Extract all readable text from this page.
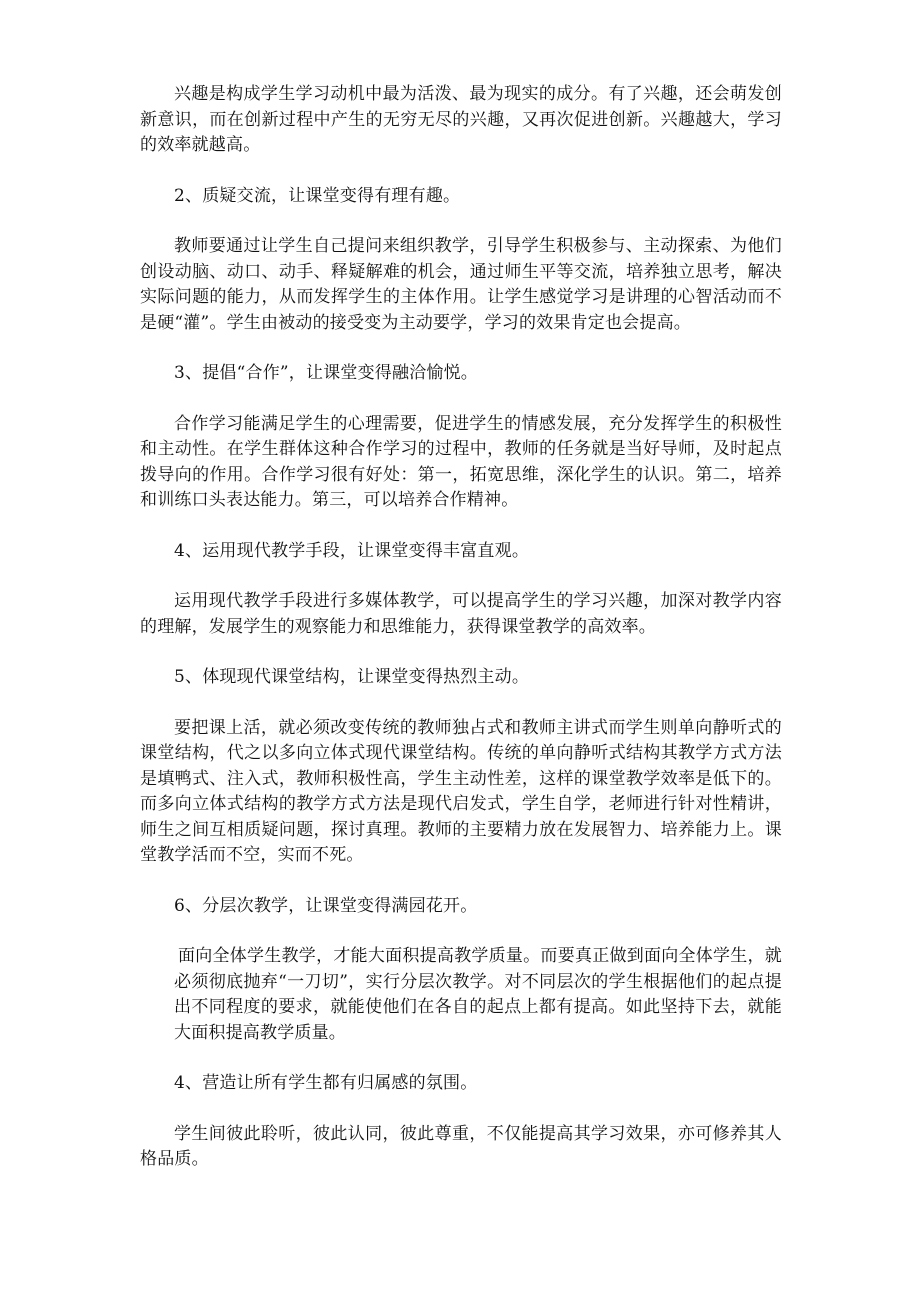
兴趣是构成学生学习动机中最为活泼、最为现实的成分。有了兴趣，还会萌发创新意识，而在创新过程中产生的无穷无尽的兴趣，又再次促进创新。兴趣越大，学习的效率就越高。

2、质疑交流，让课堂变得有理有趣。

教师要通过让学生自己提问来组织教学，引导学生积极参与、主动探索、为他们创设动脑、动口、动手、释疑解难的机会，通过师生平等交流，培养独立思考，解决实际问题的能力，从而发挥学生的主体作用。让学生感觉学习是讲理的心智活动而不是硬“灌”。学生由被动的接受变为主动要学，学习的效果肯定也会提高。

3、提倡“合作”，让课堂变得融洽愉悦。

合作学习能满足学生的心理需要，促进学生的情感发展，充分发挥学生的积极性和主动性。在学生群体这种合作学习的过程中，教师的任务就是当好导师，及时起点拨导向的作用。合作学习很有好处：第一，拓宽思维，深化学生的认识。第二，培养和训练口头表达能力。第三，可以培养合作精神。

4、运用现代教学手段，让课堂变得丰富直观。

运用现代教学手段进行多媒体教学，可以提高学生的学习兴趣，加深对教学内容的理解，发展学生的观察能力和思维能力，获得课堂教学的高效率。

5、体现现代课堂结构，让课堂变得热烈主动。

要把课上活，就必须改变传统的教师独占式和教师主讲式而学生则单向静听式的课堂结构，代之以多向立体式现代课堂结构。传统的单向静听式结构其教学方式方法是填鸭式、注入式，教师积极性高，学生主动性差，这样的课堂教学效率是低下的。而多向立体式结构的教学方式方法是现代启发式，学生自学，老师进行针对性精讲，师生之间互相质疑问题，探讨真理。教师的主要精力放在发展智力、培养能力上。课堂教学活而不空，实而不死。

6、分层次教学，让课堂变得满园花开。

面向全体学生教学，才能大面积提高教学质量。而要真正做到面向全体学生，就必须彻底抛弃“一刀切”，实行分层次教学。对不同层次的学生根据他们的起点提出不同程度的要求，就能使他们在各自的起点上都有提高。如此坚持下去，就能大面积提高教学质量。

4、营造让所有学生都有归属感的氛围。

学生间彼此聆听，彼此认同，彼此尊重，不仅能提高其学习效果，亦可修养其人格品质。
